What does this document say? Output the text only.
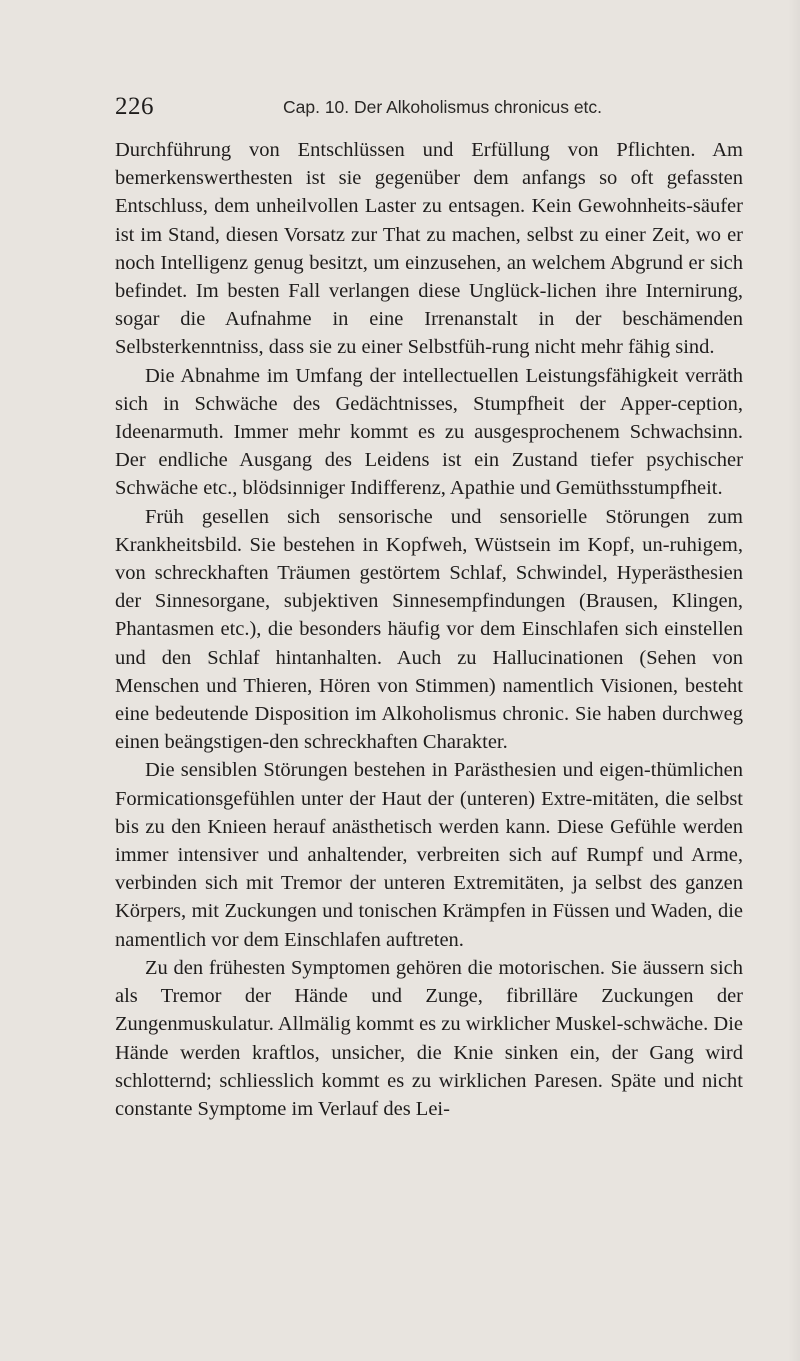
226	Cap. 10. Der Alkoholismus chronicus etc.

Durchführung von Entschlüssen und Erfüllung von Pflichten. Am bemerkenswerthesten ist sie gegenüber dem anfangs so oft gefassten Entschluss, dem unheilvollen Laster zu entsagen. Kein Gewohnheits-säufer ist im Stand, diesen Vorsatz zur That zu machen, selbst zu einer Zeit, wo er noch Intelligenz genug besitzt, um einzusehen, an welchem Abgrund er sich befindet. Im besten Fall verlangen diese Unglück-lichen ihre Internirung, sogar die Aufnahme in eine Irrenanstalt in der beschämenden Selbsterkenntniss, dass sie zu einer Selbstfüh-rung nicht mehr fähig sind.

Die Abnahme im Umfang der intellectuellen Leistungsfähigkeit verräth sich in Schwäche des Gedächtnisses, Stumpfheit der Apper-ception, Ideenarmuth. Immer mehr kommt es zu ausgesprochenem Schwachsinn. Der endliche Ausgang des Leidens ist ein Zustand tiefer psychischer Schwäche etc., blödsinniger Indifferenz, Apathie und Gemüthsstumpfheit.

Früh gesellen sich sensorische und sensorielle Störungen zum Krankheitsbild. Sie bestehen in Kopfweh, Wüstsein im Kopf, un-ruhigem, von schreckhaften Träumen gestörtem Schlaf, Schwindel, Hyperästhesien der Sinnesorgane, subjektiven Sinnesempfindungen (Brausen, Klingen, Phantasmen etc.), die besonders häufig vor dem Einschlafen sich einstellen und den Schlaf hintanhalten. Auch zu Hallucinationen (Sehen von Menschen und Thieren, Hören von Stimmen) namentlich Visionen, besteht eine bedeutende Disposition im Alkoholismus chronic. Sie haben durchweg einen beängstigen-den schreckhaften Charakter.

Die sensiblen Störungen bestehen in Parästhesien und eigen-thümlichen Formicationsgefühlen unter der Haut der (unteren) Extre-mitäten, die selbst bis zu den Knieen herauf anästhetisch werden kann. Diese Gefühle werden immer intensiver und anhaltender, verbreiten sich auf Rumpf und Arme, verbinden sich mit Tremor der unteren Extremitäten, ja selbst des ganzen Körpers, mit Zuckungen und tonischen Krämpfen in Füssen und Waden, die namentlich vor dem Einschlafen auftreten.

Zu den frühesten Symptomen gehören die motorischen. Sie äussern sich als Tremor der Hände und Zunge, fibrilläre Zuckungen der Zungenmuskulatur. Allmälig kommt es zu wirklicher Muskel-schwäche. Die Hände werden kraftlos, unsicher, die Knie sinken ein, der Gang wird schlotternd; schliesslich kommt es zu wirklichen Paresen. Späte und nicht constante Symptome im Verlauf des Lei-
